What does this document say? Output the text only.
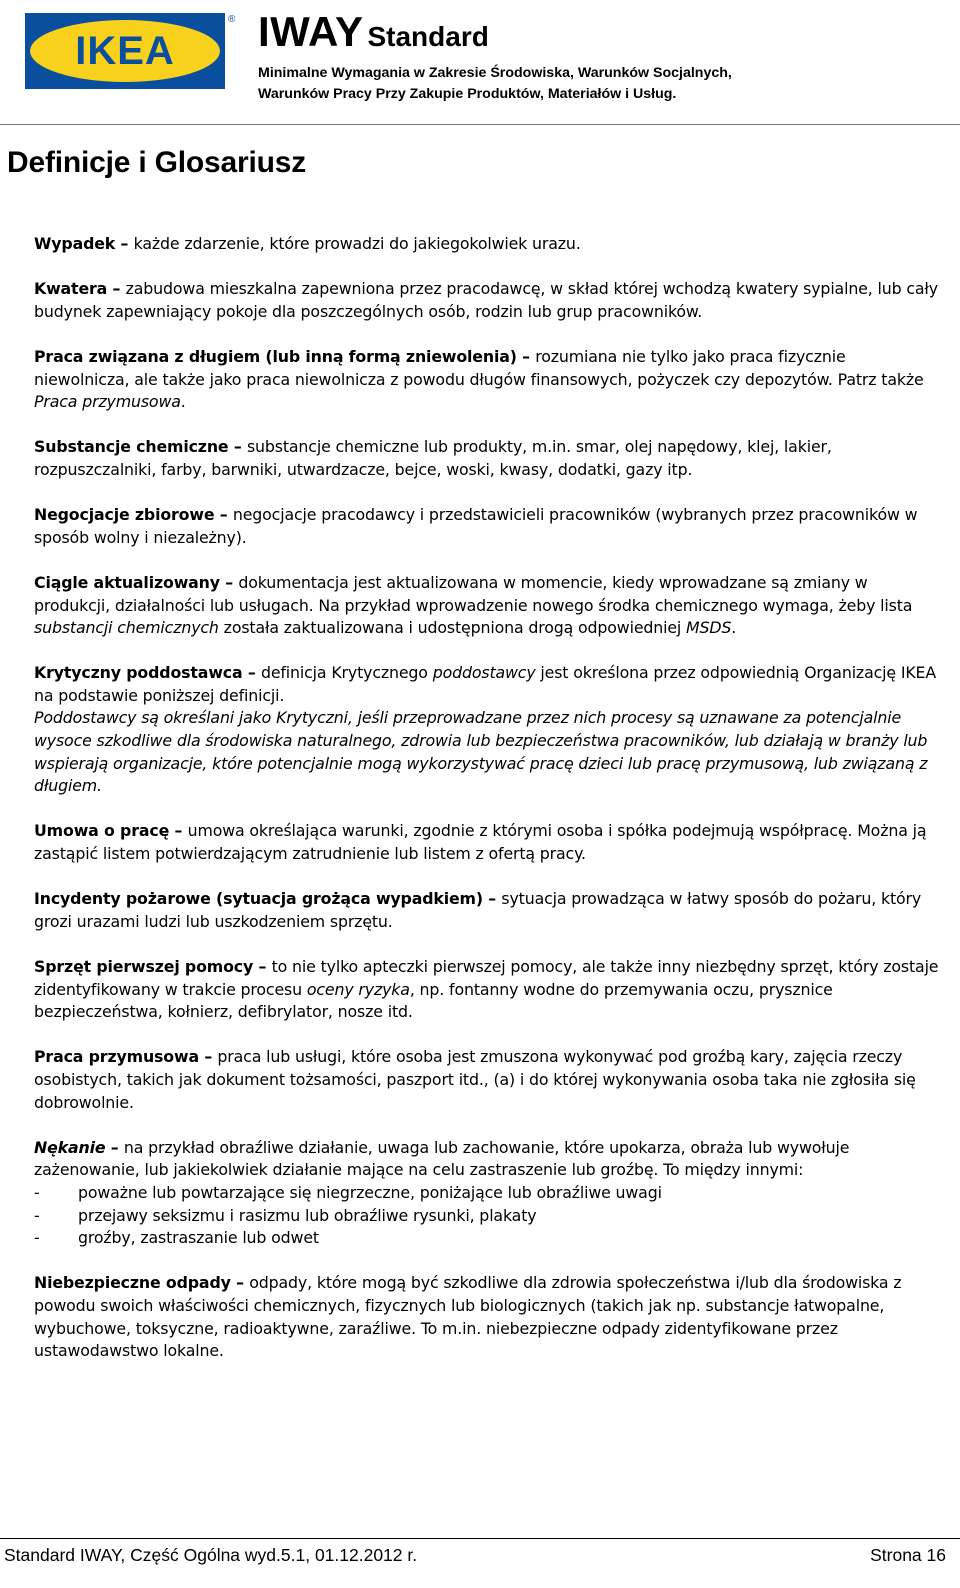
IKEA
® IWAY Standard
Minimalne Wymagania w Zakresie Środowiska, Warunków Socjalnych,
Warunków Pracy Przy Zakupie Produktów, Materiałów i Usług.
Definicje i Glosariusz

Wypadek – każde zdarzenie, które prowadzi do jakiegokolwiek urazu.

Kwatera – zabudowa mieszkalna zapewniona przez pracodawcę, w skład której wchodzą kwatery sypialne, lub cały budynek zapewniający pokoje dla poszczególnych osób, rodzin lub grup pracowników.

Praca związana z długiem (lub inną formą zniewolenia) – rozumiana nie tylko jako praca fizycznie niewolnicza, ale także jako praca niewolnicza z powodu długów finansowych, pożyczek czy depozytów. Patrz także Praca przymusowa.

Substancje chemiczne – substancje chemiczne lub produkty, m.in. smar, olej napędowy, klej, lakier, rozpuszczalniki, farby, barwniki, utwardzacze, bejce, woski, kwasy, dodatki, gazy itp.

Negocjacje zbiorowe – negocjacje pracodawcy i przedstawicieli pracowników (wybranych przez pracowników w sposób wolny i niezależny).

Ciągle aktualizowany – dokumentacja jest aktualizowana w momencie, kiedy wprowadzane są zmiany w produkcji, działalności lub usługach. Na przykład wprowadzenie nowego środka chemicznego wymaga, żeby lista substancji chemicznych została zaktualizowana i udostępniona drogą odpowiedniej MSDS.

Krytyczny poddostawca – definicja Krytycznego poddostawcy jest określona przez odpowiednią Organizację IKEA na podstawie poniższej definicji.

Poddostawcy są określani jako Krytyczni, jeśli przeprowadzane przez nich procesy są uznawane za potencjalnie wysoce szkodliwe dla środowiska naturalnego, zdrowia lub bezpieczeństwa pracowników, lub działają w branży lub wspierają organizacje, które potencjalnie mogą wykorzystywać pracę dzieci lub pracę przymusową, lub związaną z długiem.

Umowa o pracę – umowa określająca warunki, zgodnie z którymi osoba i spółka podejmują współpracę. Można ją zastąpić listem potwierdzającym zatrudnienie lub listem z ofertą pracy.

Incydenty pożarowe (sytuacja grożąca wypadkiem) – sytuacja prowadząca w łatwy sposób do pożaru, który grozi urazami ludzi lub uszkodzeniem sprzętu.

Sprzęt pierwszej pomocy – to nie tylko apteczki pierwszej pomocy, ale także inny niezbędny sprzęt, który zostaje zidentyfikowany w trakcie procesu oceny ryzyka, np. fontanny wodne do przemywania oczu, prysznice bezpieczeństwa, kołnierz, defibrylator, nosze itd.

Praca przymusowa – praca lub usługi, które osoba jest zmuszona wykonywać pod groźbą kary, zajęcia rzeczy osobistych, takich jak dokument tożsamości, paszport itd., (a) i do której wykonywania osoba taka nie zgłosiła się dobrowolnie.

Nękanie – na przykład obraźliwe działanie, uwaga lub zachowanie, które upokarza, obraża lub wywołuje zażenowanie, lub jakiekolwiek działanie mające na celu zastraszenie lub groźbę. To między innymi:
- poważne lub powtarzające się niegrzeczne, poniżające lub obraźliwe uwagi
- przejawy seksizmu i rasizmu lub obraźliwe rysunki, plakaty
- groźby, zastraszanie lub odwet

Niebezpieczne odpady – odpady, które mogą być szkodliwe dla zdrowia społeczeństwa i/lub dla środowiska z powodu swoich właściwości chemicznych, fizycznych lub biologicznych (takich jak np. substancje łatwopalne, wybuchowe, toksyczne, radioaktywne, zaraźliwe. To m.in. niebezpieczne odpady zidentyfikowane przez ustawodawstwo lokalne.

Standard IWAY, Część Ogólna wyd.5.1, 01.12.2012 r.	Strona 16
